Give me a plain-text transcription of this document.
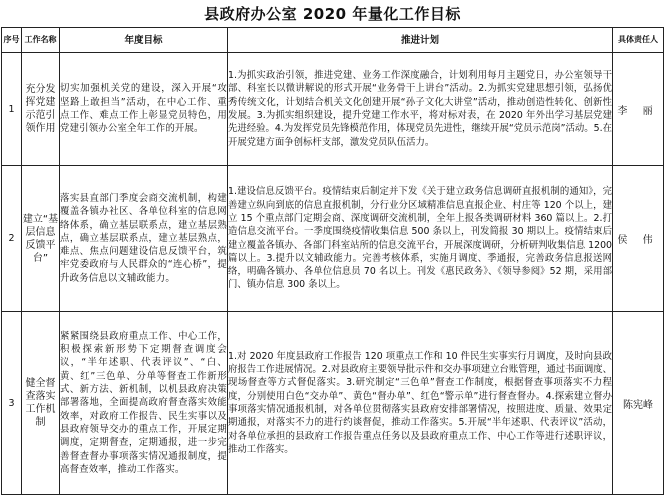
县政府办公室 2020 年量化工作目标
序号	工作名称	年度目标	推进计划	具体责任人
1	充分发挥党建示范引领作用	切实加强机关党的建设，深入开展“攻坚路上敢担当”活动，在中心工作、重点工作、难点工作上彰显党员特色，用党建引领办公室全年工作的开展。	1.为抓实政治引领，推进党建、业务工作深度融合，计划利用每月主题党日，办公室领导干部、科室长以微讲解说的形式开展“业务骨干上讲台”活动。2.为抓实党建思想引领，弘扬优秀传统文化，计划结合机关文化创建开展“孙子文化大讲堂”活动，推动创造性转化、创新性发展。3.为抓实组织建设，提升党建工作水平，将对标对表，在 2020 年外出学习基层党建先进经验。4.为发挥党员先锋模范作用，体现党员先进性，继续开展“党员示范岗”活动。5.在开展党建方面争创标杆支部，激发党员队伍活力。	李 丽
2	建立“基层信息反馈平台”	落实县直部门季度会商交流机制，构建覆盖各镇办社区、各单位科室的信息网络体系，确立基层联系点，建立基层熟点，确立基层联系点，建立基层熟点，难点、焦点问题建设信息反馈平台，筑牢党委政府与人民群众的“连心桥”，提升政务信息以文辅政能力。	1.建设信息反馈平台。疫情结束后制定并下发《关于建立政务信息调研直报机制的通知》，完善建立纵向到底的信息直报机制，分行业分区域精准信息直报企业、村庄等 120 个以上，建立 15 个重点部门定期会商、深度调研交流机制，全年上报各类调研材料 360 篇以上。2.打造信息交流平台。一季度围绕疫情收集信息 500 条以上，刊发简报 30 期以上。疫情结束后建立覆盖各镇办、各部门科室站所的信息交流平台，开展深度调研，分析研判收集信息 1200 篇以上。3.提升以文辅政能力。完善考核体系，实施月调度、季通报，完善政务信息报送网络，明确各镇办、各单位信息员 70 名以上。刊发《惠民政务》、《领导参阅》52 期，采用部门、镇办信息 300 条以上。	侯 伟
3	健全督查落实工作机制	紧紧围绕县政府重点工作、中心工作，积极探索新形势下定期督查调度会议，“半年述职、代表评议”、“白、黄、红”三色单、分单等督查工作新形式、新方法、新机制，以机县政府决策部署落地，全面提高政府督查落实效能效率，对政府工作报告、民生实事以及县政府领导交办的重点工作，开展定期调度，定期督查，定期通报，进一步完善督查督办事项落实情况通报制度，提高督查效率，推动工作落实。	1.对 2020 年度县政府工作报告 120 项重点工作和 10 件民生实事实行月调度，及时向县政府报告工作进展情况。2.对县政府主要领导批示件和交办事项建立台账管理，通过书面调度、现场督查等方式督促落实。3.研究制定“三色单”督查工作制度，根据督查事项落实不力程度，分别使用白色“交办单”、黄色“督办单”、红色“警示单”进行督查督办。4.探索建立督办事项落实情况通报机制，对各单位贯彻落实县政府安排部署情况，按照进度、质量、效果定期通报，对落实不力的进行约谈督促，推动工作落实。5.开展“半年述职、代表评议”活动，对各单位承担的县政府工作报告重点任务以及县政府重点工作、中心工作等进行述职评议，推动工作落实。	陈宪峰
